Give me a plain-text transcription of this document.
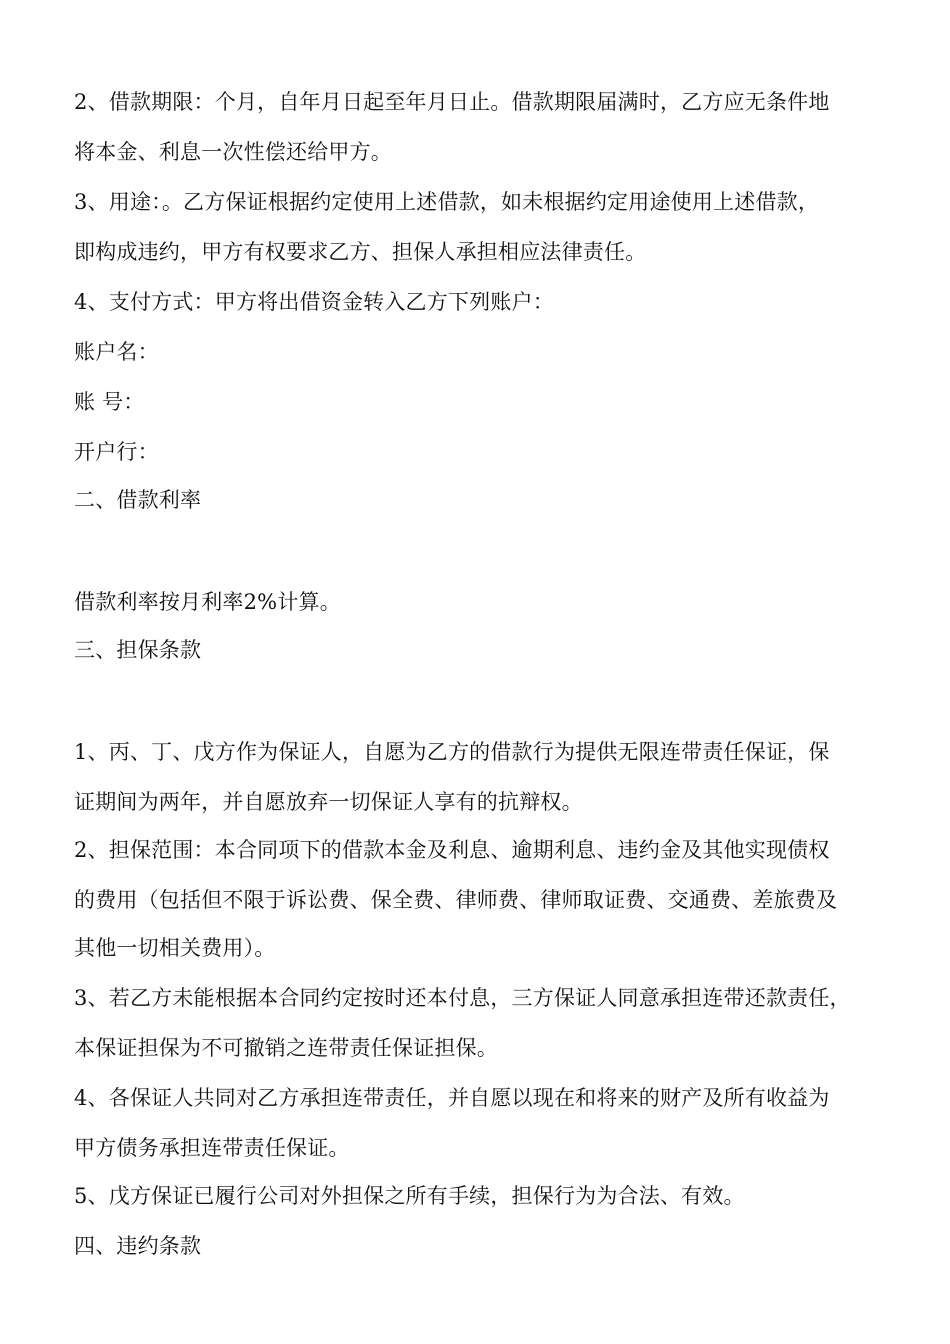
2、借款期限：个月，自年月日起至年月日止。借款期限届满时，乙方应无条件地
将本金、利息一次性偿还给甲方。
3、用途：。乙方保证根据约定使用上述借款，如未根据约定用途使用上述借款，
即构成违约，甲方有权要求乙方、担保人承担相应法律责任。
4、支付方式：甲方将出借资金转入乙方下列账户：
账户名：
账 号：
开户行：
二、借款利率
借款利率按月利率2%计算。
三、担保条款
1、丙、丁、戊方作为保证人，自愿为乙方的借款行为提供无限连带责任保证，保
证期间为两年，并自愿放弃一切保证人享有的抗辩权。
2、担保范围：本合同项下的借款本金及利息、逾期利息、违约金及其他实现债权
的费用（包括但不限于诉讼费、保全费、律师费、律师取证费、交通费、差旅费及
其他一切相关费用）。
3、若乙方未能根据本合同约定按时还本付息，三方保证人同意承担连带还款责任，
本保证担保为不可撤销之连带责任保证担保。
4、各保证人共同对乙方承担连带责任，并自愿以现在和将来的财产及所有收益为
甲方债务承担连带责任保证。
5、戊方保证已履行公司对外担保之所有手续，担保行为为合法、有效。
四、违约条款
